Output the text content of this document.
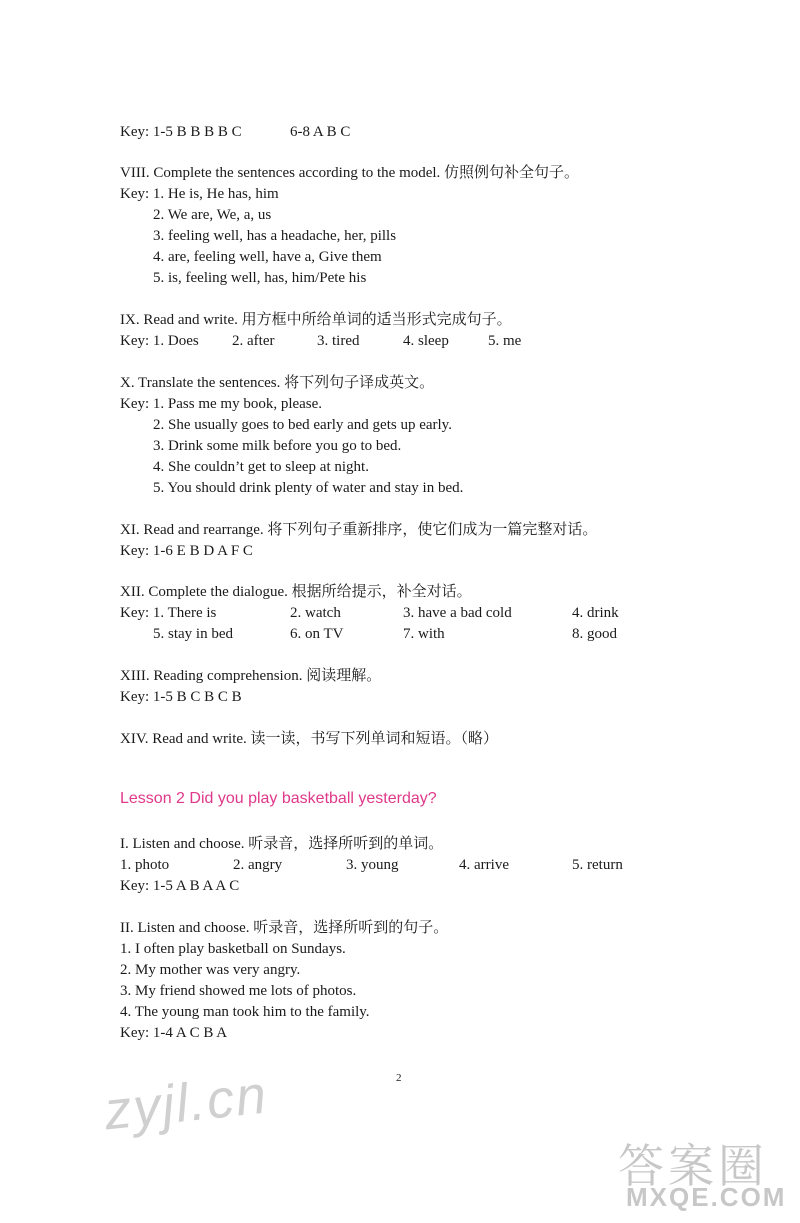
Key: 1-5 B B B B C	6-8 A B C
VIII. Complete the sentences according to the model. 仿照例句补全句子。
Key: 1. He is, He has, him
2. We are, We, a, us
3. feeling well, has a headache, her, pills
4. are, feeling well, have a, Give them
5. is, feeling well, has, him/Pete his
IX. Read and write. 用方框中所给单词的适当形式完成句子。
Key: 1. Does 2. after	3. tired	4. sleep	5. me
X. Translate the sentences. 将下列句子译成英文。
Key: 1. Pass me my book, please.
2. She usually goes to bed early and gets up early.
3. Drink some milk before you go to bed.
4. She couldn’t get to sleep at night.
5. You should drink plenty of water and stay in bed.
XI. Read and rearrange. 将下列句子重新排序，使它们成为一篇完整对话。
Key: 1-6 E B D A F C
XII. Complete the dialogue. 根据所给提示，补全对话。
Key: 1. There is	2. watch	3. have a bad cold	4. drink
5. stay in bed	6. on TV	7. with	8. good
XIII. Reading comprehension. 阅读理解。
Key: 1-5 B C B C B
XIV. Read and write. 读一读，书写下列单词和短语。（略）
Lesson 2 Did you play basketball yesterday?
I. Listen and choose. 听录音，选择所听到的单词。
1. photo	2. angry	3. young	4. arrive	5. return
Key: 1-5 A B A A C
II. Listen and choose. 听录音，选择所听到的句子。
1. I often play basketball on Sundays.
2. My mother was very angry.
3. My friend showed me lots of photos.
4. The young man took him to the family.
Key: 1-4 A C B A
2
zyjl.cn
答案圈
MXQE.COM
